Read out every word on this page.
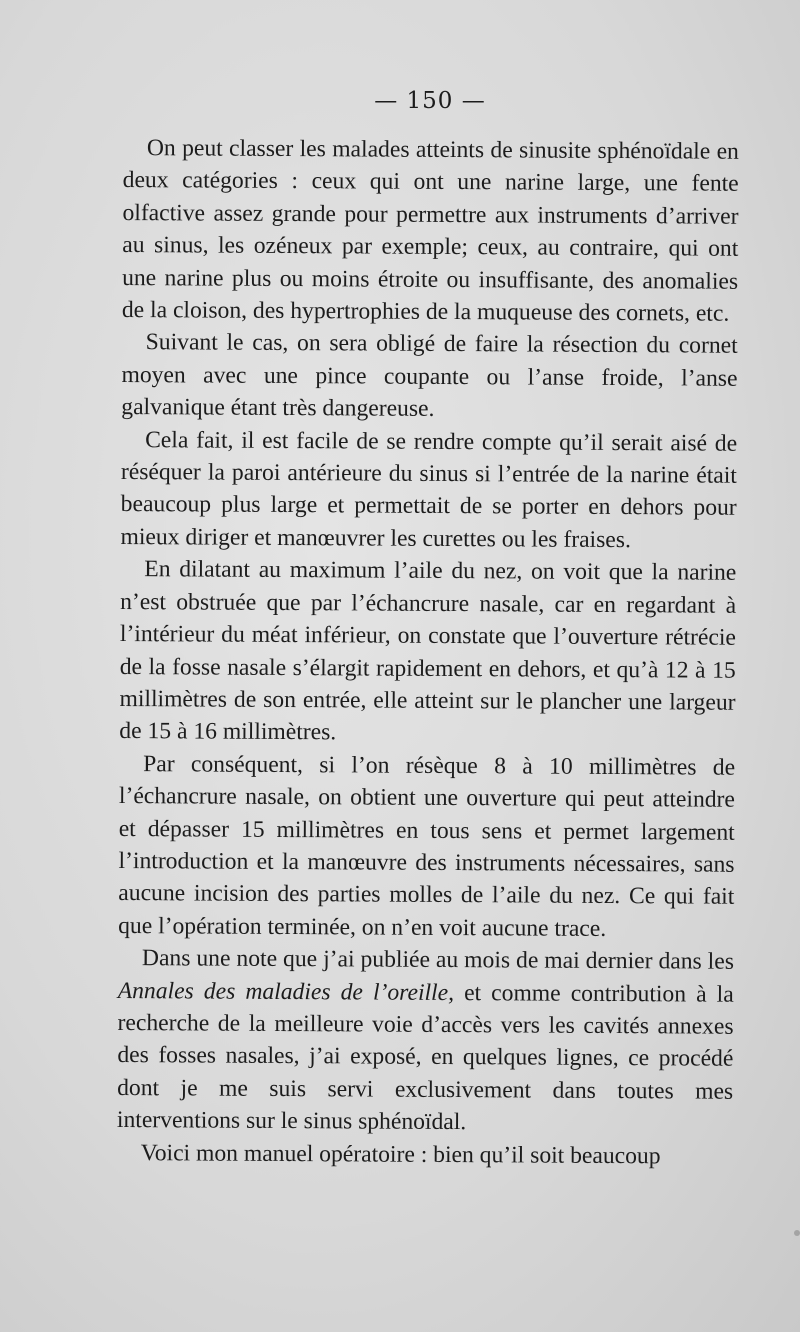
— 150 —

On peut classer les malades atteints de sinusite sphénoïdale en deux catégories : ceux qui ont une narine large, une fente olfactive assez grande pour permettre aux instruments d’arriver au sinus, les ozéneux par exemple; ceux, au contraire, qui ont une narine plus ou moins étroite ou insuffisante, des anomalies de la cloison, des hypertrophies de la muqueuse des cornets, etc.

Suivant le cas, on sera obligé de faire la résection du cornet moyen avec une pince coupante ou l’anse froide, l’anse galvanique étant très dangereuse.

Cela fait, il est facile de se rendre compte qu’il serait aisé de réséquer la paroi antérieure du sinus si l’entrée de la narine était beaucoup plus large et permettait de se porter en dehors pour mieux diriger et manœuvrer les curettes ou les fraises.

En dilatant au maximum l’aile du nez, on voit que la narine n’est obstruée que par l’échancrure nasale, car en regardant à l’intérieur du méat inférieur, on constate que l’ouverture rétrécie de la fosse nasale s’élargit rapidement en dehors, et qu’à 12 à 15 millimètres de son entrée, elle atteint sur le plancher une largeur de 15 à 16 millimètres.

Par conséquent, si l’on résèque 8 à 10 millimètres de l’échancrure nasale, on obtient une ouverture qui peut atteindre et dépasser 15 millimètres en tous sens et permet largement l’introduction et la manœuvre des instruments nécessaires, sans aucune incision des parties molles de l’aile du nez. Ce qui fait que l’opération terminée, on n’en voit aucune trace.

Dans une note que j’ai publiée au mois de mai dernier dans les Annales des maladies de l’oreille, et comme contribution à la recherche de la meilleure voie d’accès vers les cavités annexes des fosses nasales, j’ai exposé, en quelques lignes, ce procédé dont je me suis servi exclusivement dans toutes mes interventions sur le sinus sphénoïdal.

Voici mon manuel opératoire : bien qu’il soit beaucoup
